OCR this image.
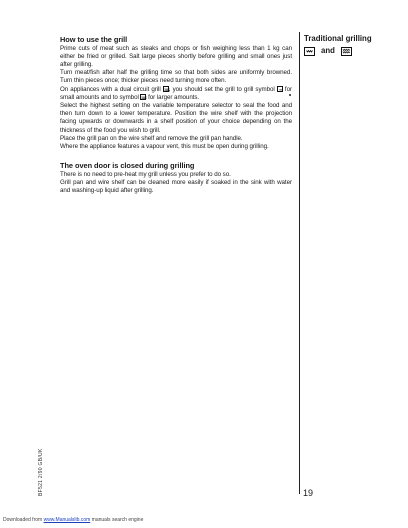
How to use the grill

Prime cuts of meat such as steaks and chops or fish weighing less than 1 kg can either be fried or grilled. Salt large pieces shortly before grilling and small ones just after grilling.

Turn meat/fish after half the grilling time so that both sides are uniformly browned. Turn thin pieces once; thicker pieces need turning more often.

On appliances with a dual circuit grill
, you should set the grill to grill symbol
for small amounts and to symbol
for larger amounts.

Select the highest setting on the variable temperature selector to seal the food and then turn down to a lower temperature. Position the wire shelf with the projection facing upwards or downwards in a shelf position of your choice depending on the thickness of the food you wish to grill.

Place the grill pan on the wire shelf and remove the grill pan handle.

Where the appliance features a vapour vent, this must be open during grilling.

The oven door is closed during grilling

There is no need to pre-heat my grill unless you prefer to do so.

Grill pan and wire shelf can be cleaned more easily if soaked in the sink with water and washing-up liquid after grilling.

Traditional grilling
and
BF521 2/90 GB/UK	19
Downloaded from www.Manualslib.com manuals search engine
